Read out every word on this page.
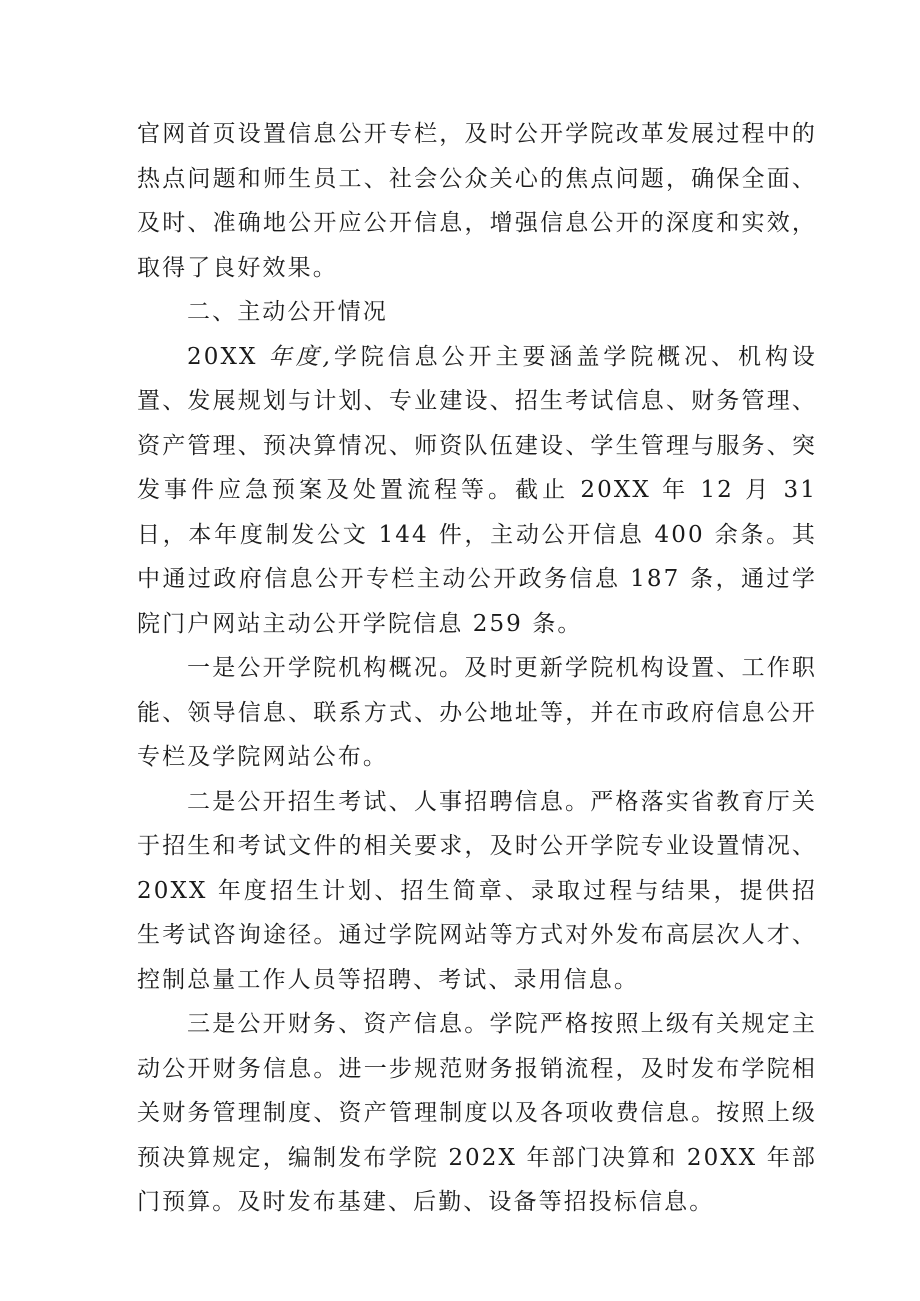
官网首页设置信息公开专栏，及时公开学院改革发展过程中的热点问题和师生员工、社会公众关心的焦点问题，确保全面、及时、准确地公开应公开信息，增强信息公开的深度和实效，取得了良好效果。

二、主动公开情况

20XX 年度,学院信息公开主要涵盖学院概况、机构设置、发展规划与计划、专业建设、招生考试信息、财务管理、资产管理、预决算情况、师资队伍建设、学生管理与服务、突发事件应急预案及处置流程等。截止 20XX 年 12 月 31 日，本年度制发公文 144 件，主动公开信息 400 余条。其中通过政府信息公开专栏主动公开政务信息 187 条，通过学院门户网站主动公开学院信息 259 条。

一是公开学院机构概况。及时更新学院机构设置、工作职能、领导信息、联系方式、办公地址等，并在市政府信息公开专栏及学院网站公布。

二是公开招生考试、人事招聘信息。严格落实省教育厅关于招生和考试文件的相关要求，及时公开学院专业设置情况、20XX 年度招生计划、招生简章、录取过程与结果，提供招生考试咨询途径。通过学院网站等方式对外发布高层次人才、控制总量工作人员等招聘、考试、录用信息。

三是公开财务、资产信息。学院严格按照上级有关规定主动公开财务信息。进一步规范财务报销流程，及时发布学院相关财务管理制度、资产管理制度以及各项收费信息。按照上级预决算规定，编制发布学院 202X 年部门决算和 20XX 年部门预算。及时发布基建、后勤、设备等招投标信息。
